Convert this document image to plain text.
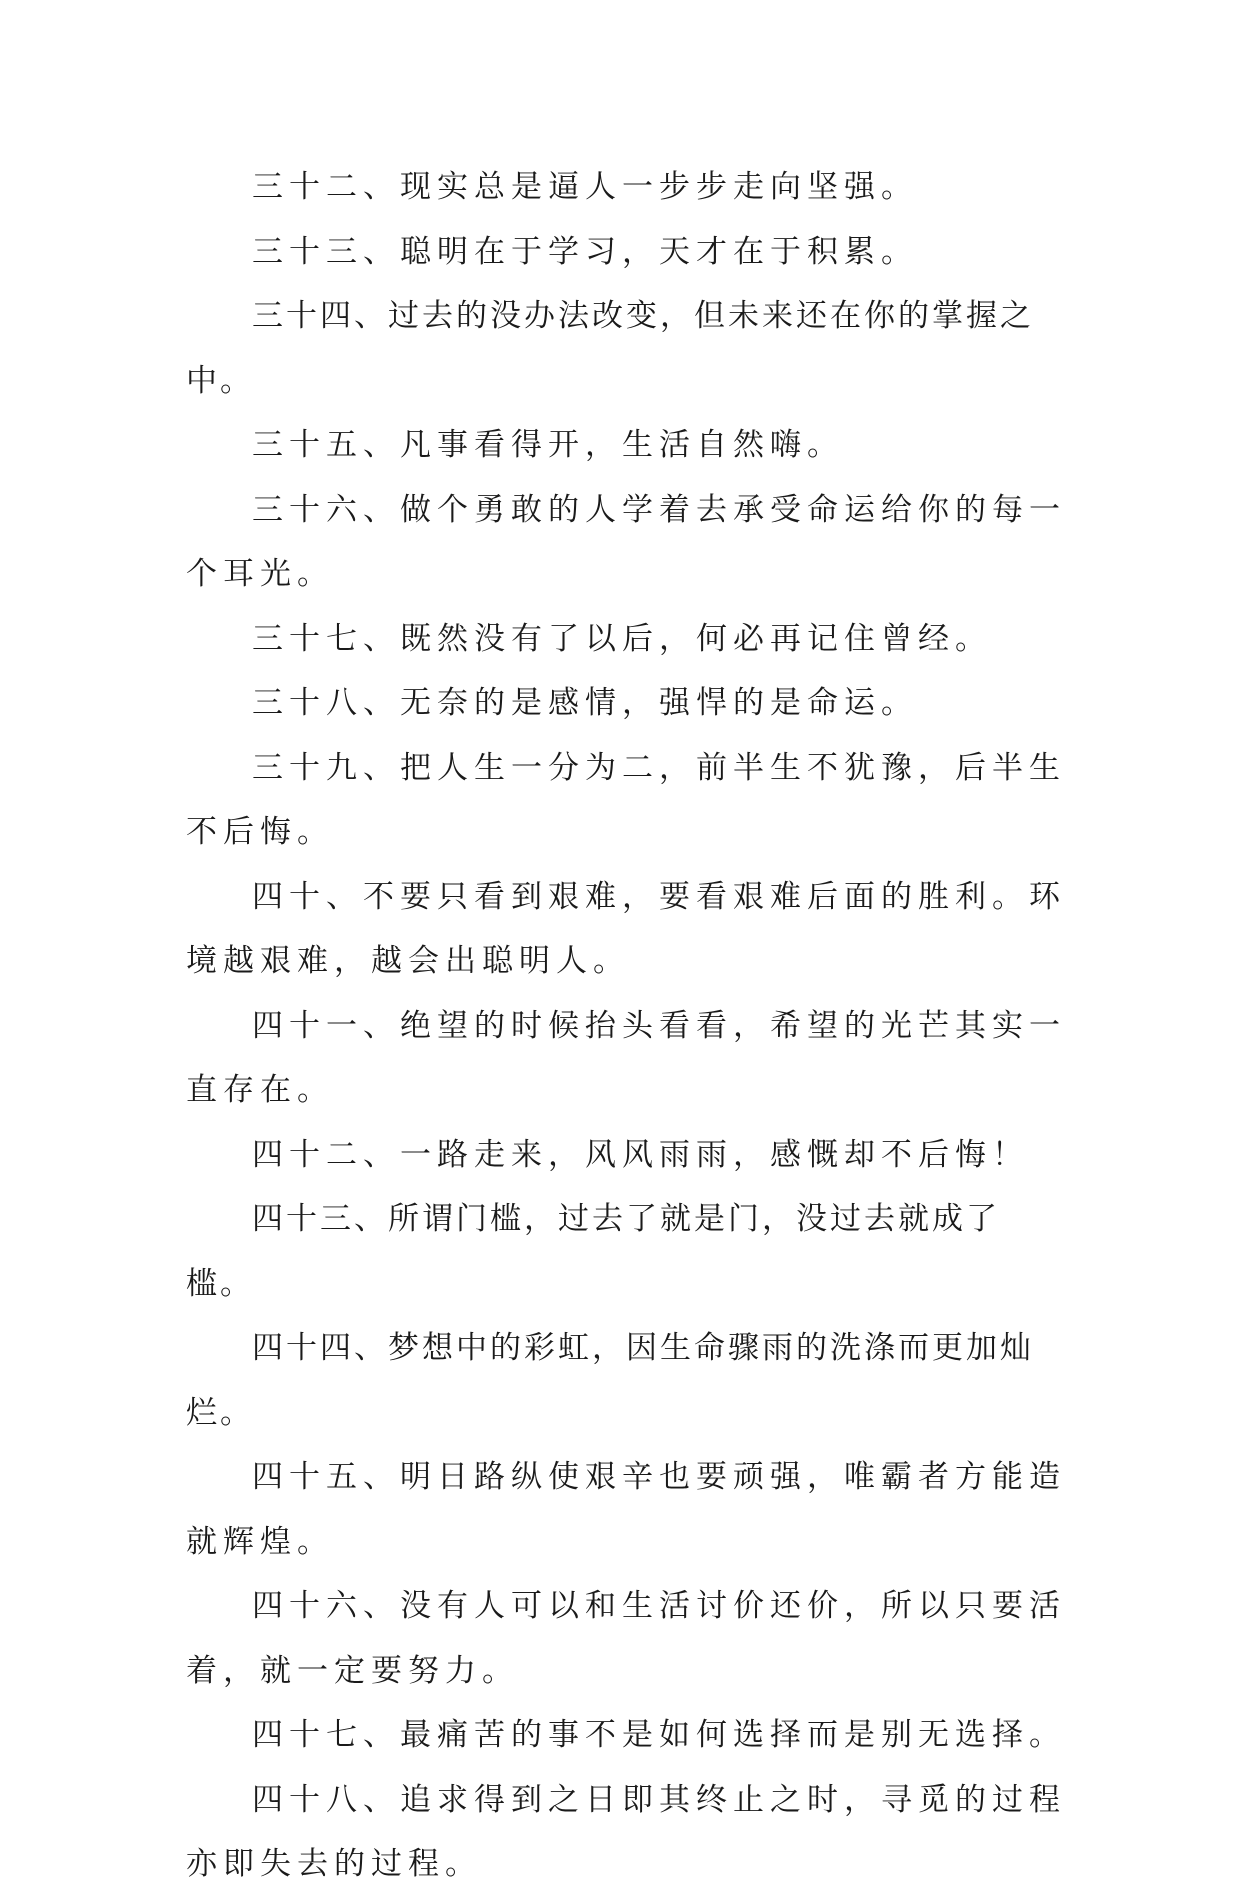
三十二、现实总是逼人一步步走向坚强。

三十三、聪明在于学习，天才在于积累。

三十四、过去的没办法改变，但未来还在你的掌握之中。

三十五、凡事看得开，生活自然嗨。

三十六、做个勇敢的人学着去承受命运给你的每一个耳光。

三十七、既然没有了以后，何必再记住曾经。

三十八、无奈的是感情，强悍的是命运。

三十九、把人生一分为二，前半生不犹豫，后半生不后悔。

四十、不要只看到艰难，要看艰难后面的胜利。环境越艰难，越会出聪明人。

四十一、绝望的时候抬头看看，希望的光芒其实一直存在。

四十二、一路走来，风风雨雨，感慨却不后悔！

四十三、所谓门槛，过去了就是门，没过去就成了槛。

四十四、梦想中的彩虹，因生命骤雨的洗涤而更加灿烂。

四十五、明日路纵使艰辛也要顽强，唯霸者方能造就辉煌。

四十六、没有人可以和生活讨价还价，所以只要活着，就一定要努力。

四十七、最痛苦的事不是如何选择而是别无选择。

四十八、追求得到之日即其终止之时，寻觅的过程亦即失去的过程。
